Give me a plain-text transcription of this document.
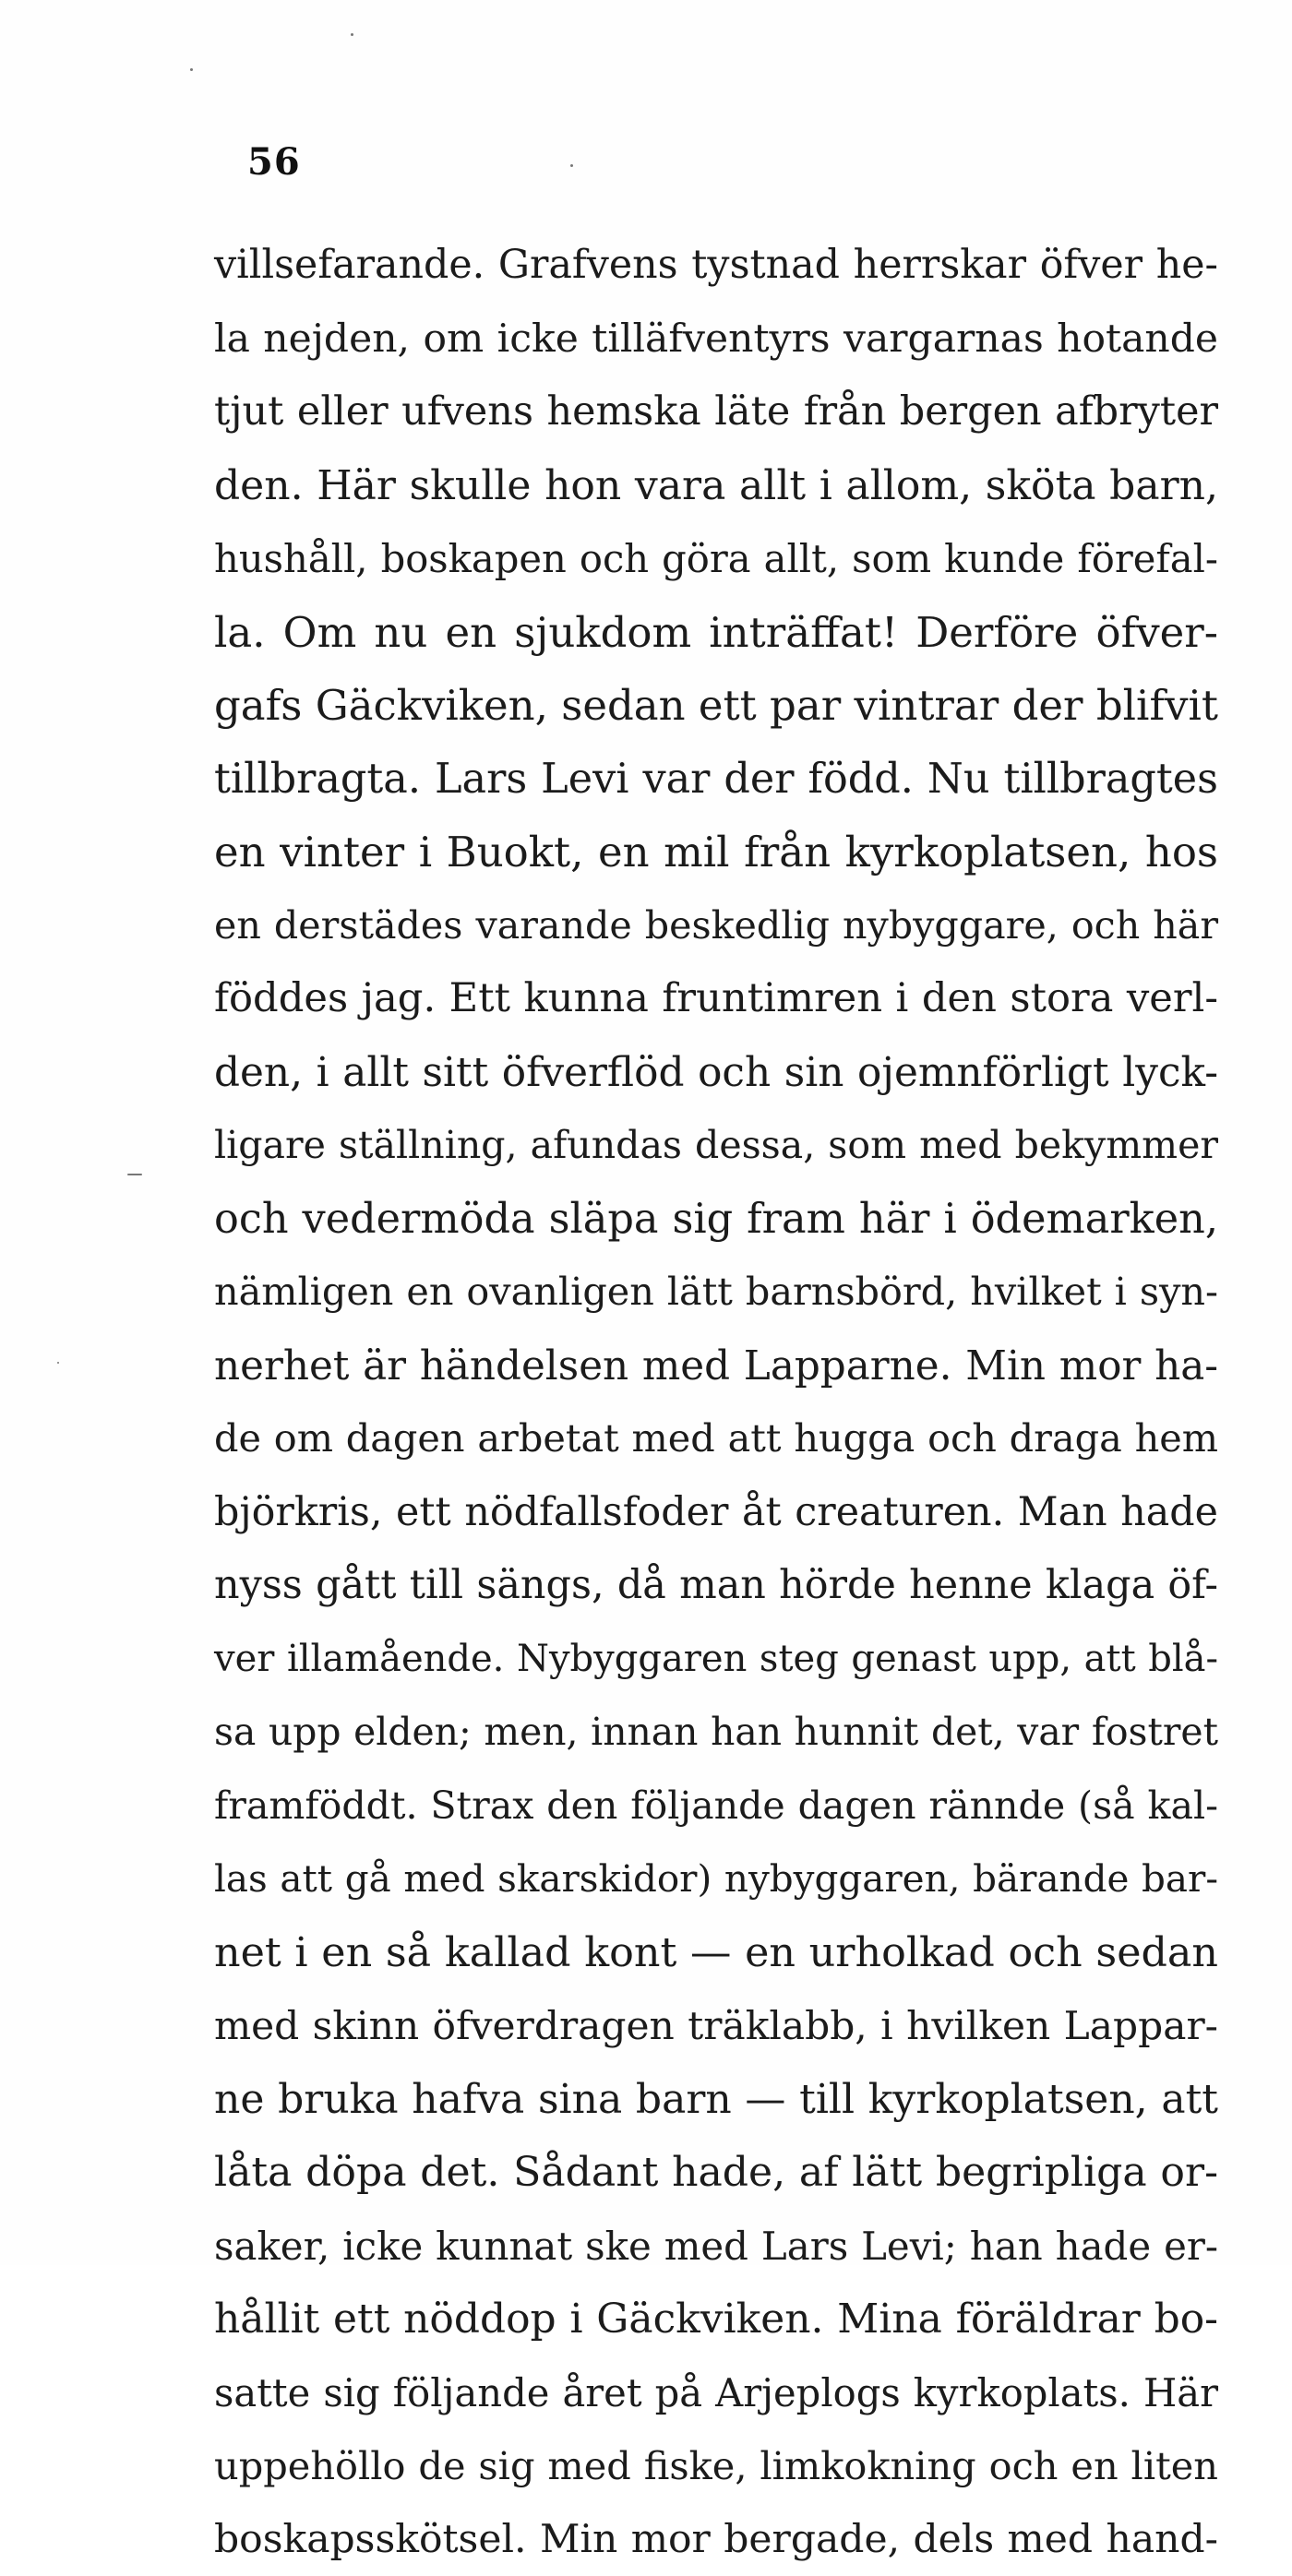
56
villsefarande. Grafvens tystnad herrskar öfver he-
la nejden, om icke tilläfventyrs vargarnas hotande
tjut eller ufvens hemska läte från bergen afbryter
den. Här skulle hon vara allt i allom, sköta barn,
hushåll, boskapen och göra allt, som kunde förefal-
la. Om nu en sjukdom inträffat! Derföre öfver-
gafs Gäckviken, sedan ett par vintrar der blifvit
tillbragta. Lars Levi var der född. Nu tillbragtes
en vinter i Buokt, en mil från kyrkoplatsen, hos
en derstädes varande beskedlig nybyggare, och här
föddes jag. Ett kunna fruntimren i den stora verl-
den, i allt sitt öfverflöd och sin ojemnförligt lyck-
ligare ställning, afundas dessa, som med bekymmer
och vedermöda släpa sig fram här i ödemarken,
nämligen en ovanligen lätt barnsbörd, hvilket i syn-
nerhet är händelsen med Lapparne. Min mor ha-
de om dagen arbetat med att hugga och draga hem
björkris, ett nödfallsfoder åt creaturen. Man hade
nyss gått till sängs, då man hörde henne klaga öf-
ver illamående. Nybyggaren steg genast upp, att blå-
sa upp elden; men, innan han hunnit det, var fostret
framföddt. Strax den följande dagen rännde (så kal-
las att gå med skarskidor) nybyggaren, bärande bar-
net i en så kallad kont — en urholkad och sedan
med skinn öfverdragen träklabb, i hvilken Lappar-
ne bruka hafva sina barn — till kyrkoplatsen, att
låta döpa det. Sådant hade, af lätt begripliga or-
saker, icke kunnat ske med Lars Levi; han hade er-
hållit ett nöddop i Gäckviken. Mina föräldrar bo-
satte sig följande året på Arjeplogs kyrkoplats. Här
uppehöllo de sig med fiske, limkokning och en liten
boskapsskötsel. Min mor bergade, dels med hand-
